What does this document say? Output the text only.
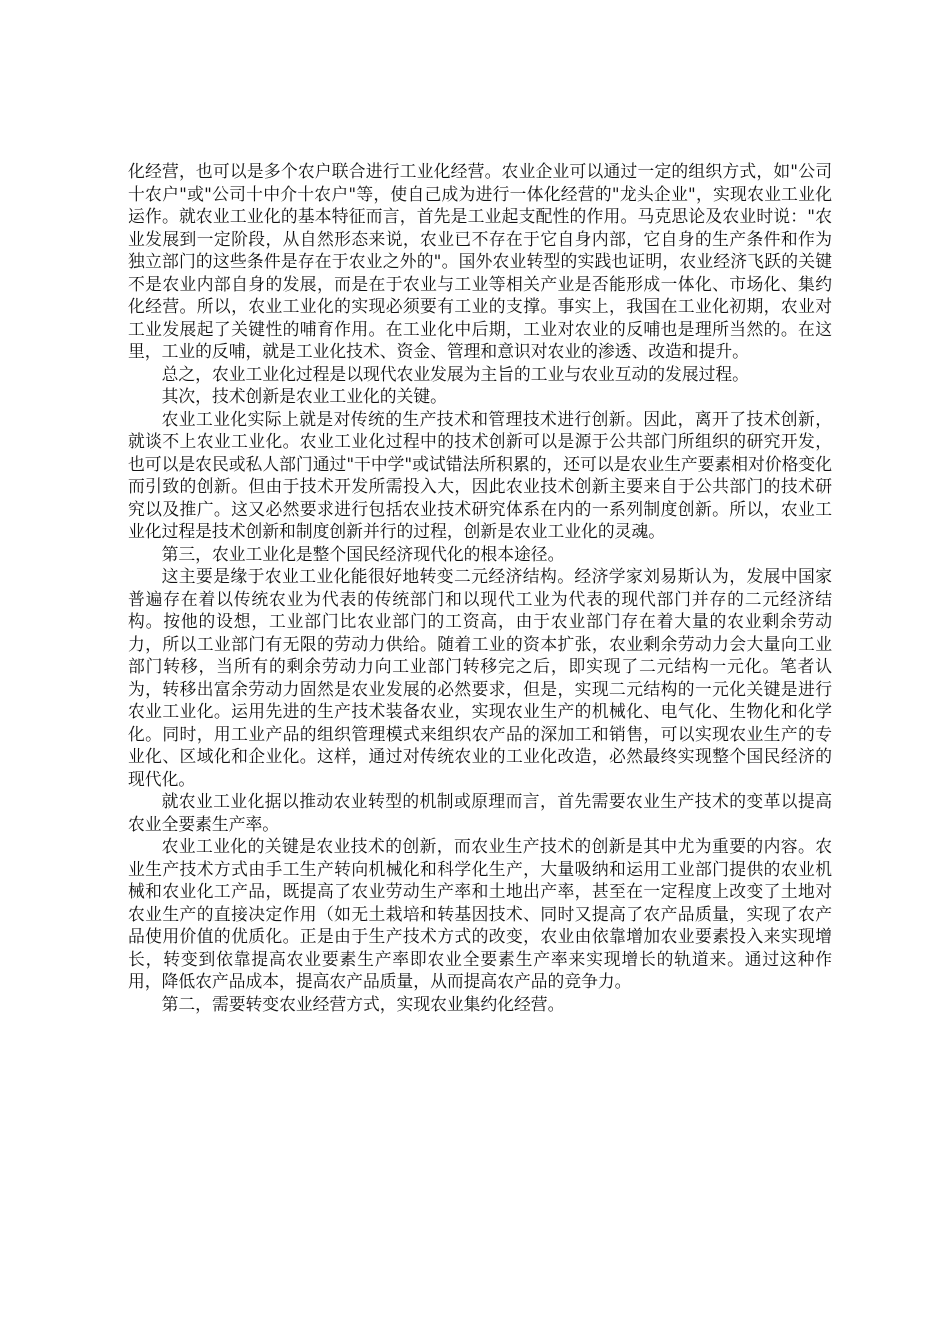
化经营，也可以是多个农户联合进行工业化经营。农业企业可以通过一定的组织方式，如"公司十农户"或"公司十中介十农户"等，使自己成为进行一体化经营的"龙头企业"，实现农业工业化运作。就农业工业化的基本特征而言，首先是工业起支配性的作用。马克思论及农业时说："农业发展到一定阶段，从自然形态来说，农业已不存在于它自身内部，它自身的生产条件和作为独立部门的这些条件是存在于农业之外的"。国外农业转型的实践也证明，农业经济飞跃的关键不是农业内部自身的发展，而是在于农业与工业等相关产业是否能形成一体化、市场化、集约化经营。所以，农业工业化的实现必须要有工业的支撑。事实上，我国在工业化初期，农业对工业发展起了关键性的哺育作用。在工业化中后期，工业对农业的反哺也是理所当然的。在这里，工业的反哺，就是工业化技术、资金、管理和意识对农业的渗透、改造和提升。

总之，农业工业化过程是以现代农业发展为主旨的工业与农业互动的发展过程。

其次，技术创新是农业工业化的关键。

农业工业化实际上就是对传统的生产技术和管理技术进行创新。因此，离开了技术创新，就谈不上农业工业化。农业工业化过程中的技术创新可以是源于公共部门所组织的研究开发，也可以是农民或私人部门通过"干中学"或试错法所积累的，还可以是农业生产要素相对价格变化而引致的创新。但由于技术开发所需投入大，因此农业技术创新主要来自于公共部门的技术研究以及推广。这又必然要求进行包括农业技术研究体系在内的一系列制度创新。所以，农业工业化过程是技术创新和制度创新并行的过程，创新是农业工业化的灵魂。

第三，农业工业化是整个国民经济现代化的根本途径。

这主要是缘于农业工业化能很好地转变二元经济结构。经济学家刘易斯认为，发展中国家普遍存在着以传统农业为代表的传统部门和以现代工业为代表的现代部门并存的二元经济结构。按他的设想，工业部门比农业部门的工资高，由于农业部门存在着大量的农业剩余劳动力，所以工业部门有无限的劳动力供给。随着工业的资本扩张，农业剩余劳动力会大量向工业部门转移，当所有的剩余劳动力向工业部门转移完之后，即实现了二元结构一元化。笔者认为，转移出富余劳动力固然是农业发展的必然要求，但是，实现二元结构的一元化关键是进行农业工业化。运用先进的生产技术装备农业，实现农业生产的机械化、电气化、生物化和化学化。同时，用工业产品的组织管理模式来组织农产品的深加工和销售，可以实现农业生产的专业化、区域化和企业化。这样，通过对传统农业的工业化改造，必然最终实现整个国民经济的现代化。

就农业工业化据以推动农业转型的机制或原理而言，首先需要农业生产技术的变革以提高农业全要素生产率。

农业工业化的关键是农业技术的创新，而农业生产技术的创新是其中尤为重要的内容。农业生产技术方式由手工生产转向机械化和科学化生产，大量吸纳和运用工业部门提供的农业机械和农业化工产品，既提高了农业劳动生产率和土地出产率，甚至在一定程度上改变了土地对农业生产的直接决定作用（如无土栽培和转基因技术、同时又提高了农产品质量，实现了农产品使用价值的优质化。正是由于生产技术方式的改变，农业由依靠增加农业要素投入来实现增长，转变到依靠提高农业要素生产率即农业全要素生产率来实现增长的轨道来。通过这种作用，降低农产品成本，提高农产品质量，从而提高农产品的竞争力。

第二，需要转变农业经营方式，实现农业集约化经营。
